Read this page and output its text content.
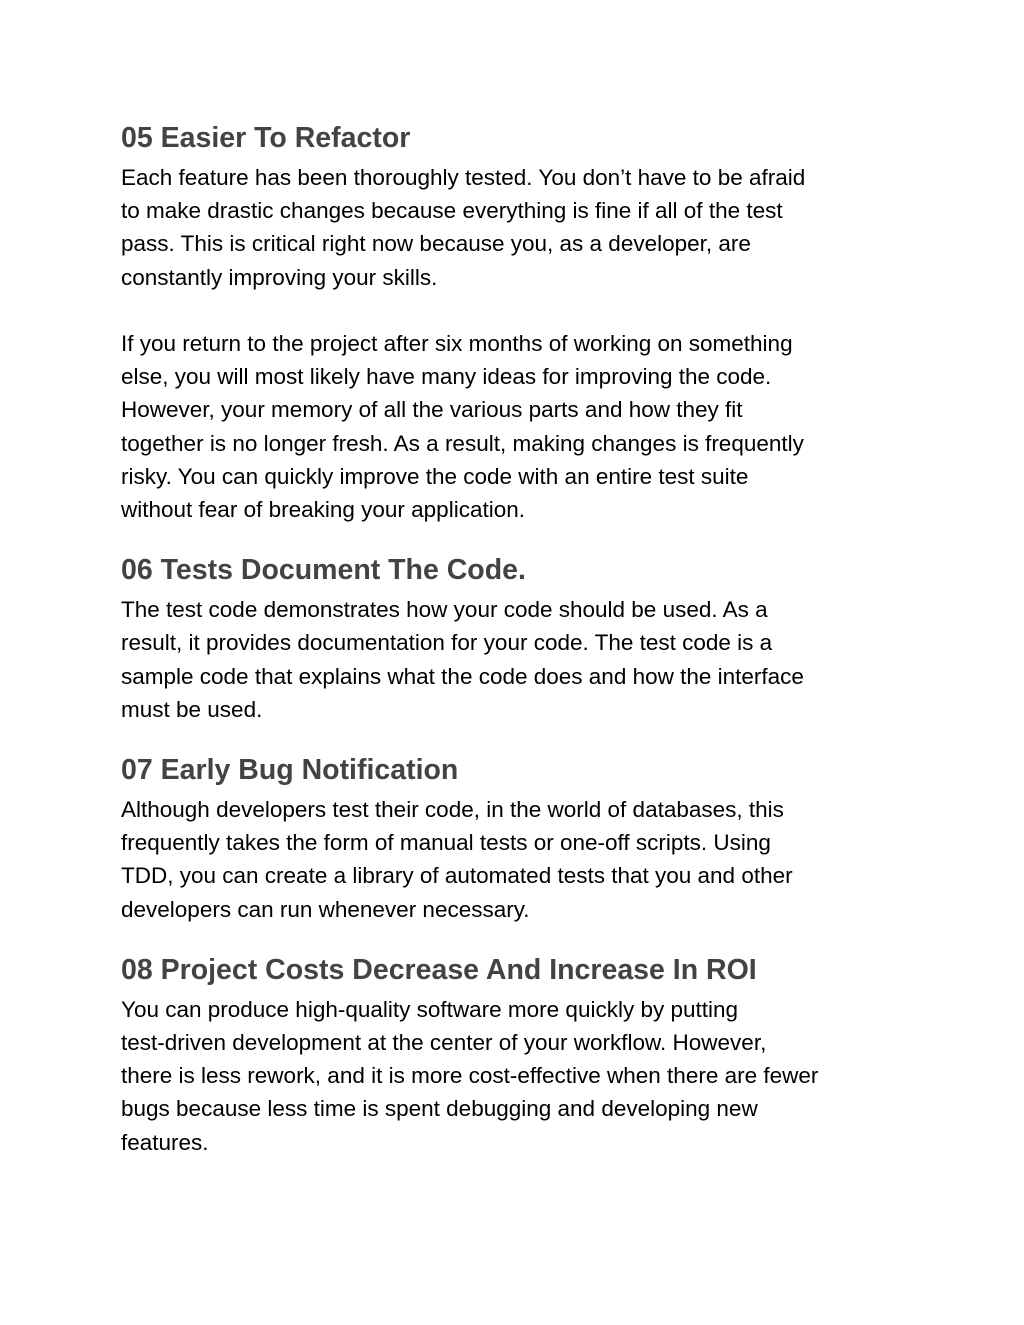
05 Easier To Refactor

Each feature has been thoroughly tested. You don’t have to be afraid
to make drastic changes because everything is fine if all of the test
pass. This is critical right now because you, as a developer, are
constantly improving your skills.

If you return to the project after six months of working on something
else, you will most likely have many ideas for improving the code.
However, your memory of all the various parts and how they fit
together is no longer fresh. As a result, making changes is frequently
risky. You can quickly improve the code with an entire test suite
without fear of breaking your application.

06 Tests Document The Code.

The test code demonstrates how your code should be used. As a
result, it provides documentation for your code. The test code is a
sample code that explains what the code does and how the interface
must be used.

07 Early Bug Notification

Although developers test their code, in the world of databases, this
frequently takes the form of manual tests or one-off scripts. Using
TDD, you can create a library of automated tests that you and other
developers can run whenever necessary.

08 Project Costs Decrease And Increase In ROI

You can produce high-quality software more quickly by putting
test-driven development at the center of your workflow. However,
there is less rework, and it is more cost-effective when there are fewer
bugs because less time is spent debugging and developing new
features.
